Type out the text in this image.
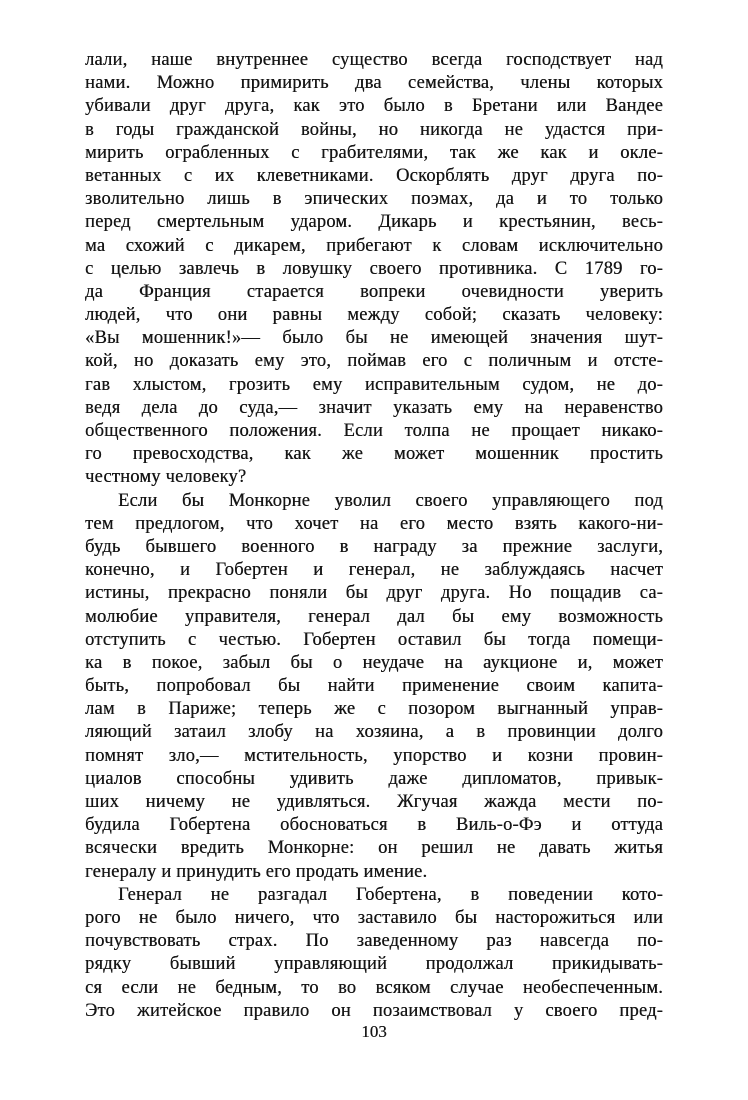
лали, наше внутреннее существо всегда господствует над
нами. Можно примирить два семейства, члены которых
убивали друг друга, как это было в Бретани или Вандее
в годы гражданской войны, но никогда не удастся при-
мирить ограбленных с грабителями, так же как и окле-
ветанных с их клеветниками. Оскорблять друг друга по-
зволительно лишь в эпических поэмах, да и то только
перед смертельным ударом. Дикарь и крестьянин, весь-
ма схожий с дикарем, прибегают к словам исключительно
с целью завлечь в ловушку своего противника. С 1789 го-
да Франция старается вопреки очевидности уверить
людей, что они равны между собой; сказать человеку:
«Вы мошенник!»— было бы не имеющей значения шут-
кой, но доказать ему это, поймав его с поличным и отсте-
гав хлыстом, грозить ему исправительным судом, не до-
ведя дела до суда,— значит указать ему на неравенство
общественного положения. Если толпа не прощает никако-
го превосходства, как же может мошенник простить
честному человеку?
Если бы Монкорне уволил своего управляющего под
тем предлогом, что хочет на его место взять какого-ни-
будь бывшего военного в награду за прежние заслуги,
конечно, и Гобертен и генерал, не заблуждаясь насчет
истины, прекрасно поняли бы друг друга. Но пощадив са-
молюбие управителя, генерал дал бы ему возможность
отступить с честью. Гобертен оставил бы тогда помещи-
ка в покое, забыл бы о неудаче на аукционе и, может
быть, попробовал бы найти применение своим капита-
лам в Париже; теперь же с позором выгнанный управ-
ляющий затаил злобу на хозяина, а в провинции долго
помнят зло,— мстительность, упорство и козни провин-
циалов способны удивить даже дипломатов, привык-
ших ничему не удивляться. Жгучая жажда мести по-
будила Гобертена обосноваться в Виль-о-Фэ и оттуда
всячески вредить Монкорне: он решил не давать житья
генералу и принудить его продать имение.
Генерал не разгадал Гобертена, в поведении кото-
рого не было ничего, что заставило бы насторожиться или
почувствовать страх. По заведенному раз навсегда по-
рядку бывший управляющий продолжал прикидывать-
ся если не бедным, то во всяком случае необеспеченным.
Это житейское правило он позаимствовал у своего пред-
103
